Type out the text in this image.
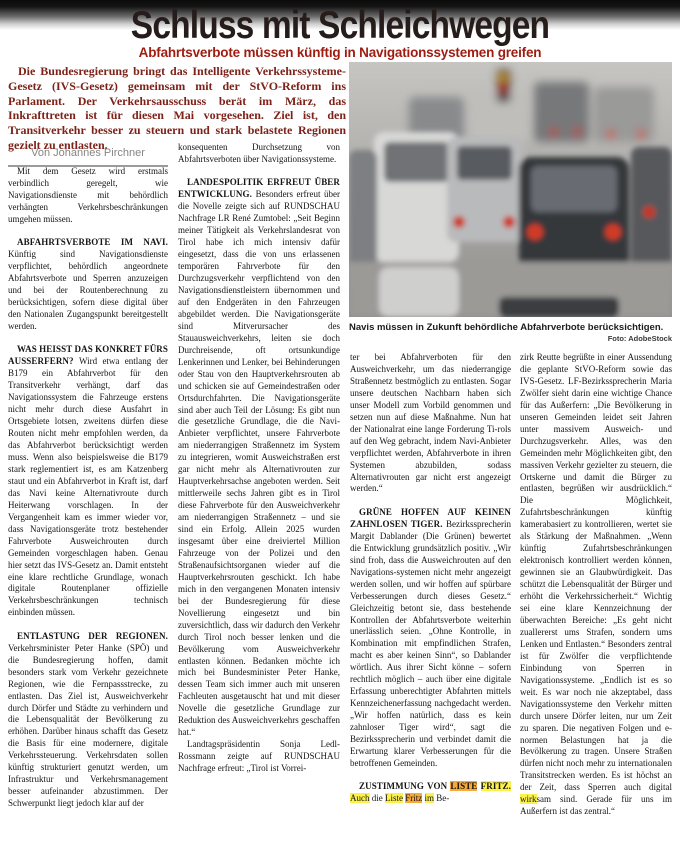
Schluss mit Schleichwegen
Abfahrtsverbote müssen künftig in Navigationssystemen greifen
Die Bundesregierung bringt das Intelligente Verkehrssysteme-Gesetz (IVS-Gesetz) gemeinsam mit der StVO-Reform ins Parlament. Der Verkehrsausschuss berät im März, das Inkrafttreten ist für diesen Mai vorgesehen. Ziel ist, den Transitverkehr besser zu steuern und stark belastete Regionen gezielt zu entlasten.
Von Johannes Pirchner
Navis müssen in Zukunft behördliche Abfahrverbote berücksichtigen.
Foto: AdobeStock

Mit dem Gesetz wird erstmals verbindlich geregelt, wie Navigationsdienste mit behördlich verhängten Verkehrsbeschränkungen umgehen müssen.

ABFAHRTSVERBOTE IM NAVI. Künftig sind Navigationsdienste verpflichtet, behördlich angeordnete Abfahrtsverbote und Sperren anzuzeigen und bei der Routenberechnung zu berücksichtigen, sofern diese digital über den Nationalen Zugangspunkt bereitgestellt werden.

WAS HEISST DAS KONKRET FÜRS AUSSERFERN? Wird etwa entlang der B179 ein Abfahrverbot für den Transitverkehr verhängt, darf das Navigationssystem die Fahrzeuge erstens nicht mehr durch diese Ausfahrt in Ortsgebiete lotsen, zweitens dürfen diese Routen nicht mehr empfohlen werden, da das Abfahrverbot berücksichtigt werden muss. Wenn also beispielsweise die B179 stark reglementiert ist, es am Katzenberg staut und ein Abfahrverbot in Kraft ist, darf das Navi keine Alternativroute durch Heiterwang vorschlagen. In der Vergangenheit kam es immer wieder vor, dass Navigationsgeräte trotz bestehender Fahrverbote Ausweichrouten durch Gemeinden vorgeschlagen haben. Genau hier setzt das IVS-Gesetz an. Damit entsteht eine klare rechtliche Grundlage, wonach digitale Routenplaner offizielle Verkehrsbeschränkungen technisch einbinden müssen.

ENTLASTUNG DER REGIONEN. Verkehrsminister Peter Hanke (SPÖ) und die Bundesregierung hoffen, damit besonders stark vom Verkehr gezeichnete Regionen, wie die Fernpassstrecke, zu entlasten. Das Ziel ist, Ausweichverkehr durch Dörfer und Städte zu verhindern und die Lebensqualität der Bevölkerung zu erhöhen. Darüber hinaus schafft das Gesetz die Basis für eine modernere, digitale Verkehrssteuerung. Verkehrsdaten sollen künftig strukturiert genutzt werden, um Infrastruktur und Verkehrsmanagement besser aufeinander abzustimmen. Der Schwerpunkt liegt jedoch klar auf der

konsequenten Durchsetzung von Abfahrtsverboten über Navigationssysteme.

LANDESPOLITIK ERFREUT ÜBER ENTWICKLUNG. Besonders erfreut über die Novelle zeigte sich auf RUNDSCHAU Nachfrage LR René Zumtobel: „Seit Beginn meiner Tätigkeit als Verkehrslandesrat von Tirol habe ich mich intensiv dafür eingesetzt, dass die von uns erlassenen temporären Fahrverbote für den Durchzugsverkehr verpflichtend von den Navigationsdienstleistern übernommen und auf den Endgeräten in den Fahrzeugen abgebildet werden. Die Navigationsgeräte sind Mitverursacher des Stauausweichverkehrs, leiten sie doch Durchreisende, oft ortsunkundige Lenkerinnen und Lenker, bei Behinderungen oder Stau von den Hauptverkehrsrouten ab und schicken sie auf Gemeindestraßen oder Ortsdurchfahrten. Die Navigationsgeräte sind aber auch Teil der Lösung: Es gibt nun die gesetzliche Grundlage, die die Navi-Anbieter verpflichtet, unsere Fahrverbote am niederrangigen Straßennetz im System zu integrieren, womit Ausweichstraßen erst gar nicht mehr als Alternativrouten zur Hauptverkehrsachse angeboten werden. Seit mittlerweile sechs Jahren gibt es in Tirol diese Fahrverbote für den Ausweichverkehr am niederrangigen Straßennetz – und sie sind ein Erfolg. Allein 2025 wurden insgesamt über eine dreiviertel Million Fahrzeuge von der Polizei und den Straßenaufsichtsorganen wieder auf die Hauptverkehrsrouten geschickt. Ich habe mich in den vergangenen Monaten intensiv bei der Bundesregierung für diese Novellierung eingesetzt und bin zuversichtlich, dass wir dadurch den Verkehr durch Tirol noch besser lenken und die Bevölkerung vom Ausweichverkehr entlasten können. Bedanken möchte ich mich bei Bundesminister Peter Hanke, dessen Team sich immer auch mit unseren Fachleuten ausgetauscht hat und mit dieser Novelle die gesetzliche Grundlage zur Reduktion des Ausweichverkehrs geschaffen hat.“

Landtagspräsidentin Sonja Ledl-Rossmann zeigte auf RUNDSCHAU Nachfrage erfreut: „Tirol ist Vorrei-

ter bei Abfahrverboten für den Ausweichverkehr, um das niederrangige Straßennetz bestmöglich zu entlasten. Sogar unsere deutschen Nachbarn haben sich unser Modell zum Vorbild genommen und setzen nun auf diese Maßnahme. Nun hat der Nationalrat eine lange Forderung Ti-rols auf den Weg gebracht, indem Navi-Anbieter verpflichtet werden, Abfahrverbote in ihren Systemen abzubilden, sodass Alternativrouten gar nicht erst angezeigt werden.“

GRÜNE HOFFEN AUF KEINEN ZAHNLOSEN TIGER. Bezirkssprecherin Margit Dablander (Die Grünen) bewertet die Entwicklung grundsätzlich positiv. „Wir sind froh, dass die Ausweichrouten auf den Navigations-systemen nicht mehr angezeigt werden sollen, und wir hoffen auf spürbare Verbesserungen durch dieses Gesetz.“ Gleichzeitig betont sie, dass bestehende Kontrollen der Abfahrtsverbote weiterhin unerlässlich seien. „Ohne Kontrolle, in Kombination mit empfindlichen Strafen, macht es aber keinen Sinn“, so Dablander wörtlich. Aus ihrer Sicht könne – sofern rechtlich möglich – auch über eine digitale Erfassung unberechtigter Abfahrten mittels Kennzeichenerfassung nachgedacht werden. „Wir hoffen natürlich, dass es kein zahnloser Tiger wird“, sagt die Bezirkssprecherin und verbindet damit die Erwartung klarer Verbesserungen für die betroffenen Gemeinden.

ZUSTIMMUNG VON LISTE FRITZ. Auch die Liste Fritz im Be-

zirk Reutte begrüßte in einer Aussendung die geplante StVO-Reform sowie das IVS-Gesetz. LF-Bezirkssprecherin Maria Zwölfer sieht darin eine wichtige Chance für das Außerfern: „Die Bevölkerung in unseren Gemeinden leidet seit Jahren unter massivem Ausweich- und Durchzugsverkehr. Alles, was den Gemeinden mehr Möglichkeiten gibt, den massiven Verkehr gezielter zu steuern, die Ortskerne und damit die Bürger zu entlasten, begrüßen wir ausdrücklich.“ Die Möglichkeit, Zufahrtsbeschränkungen künftig kamerabasiert zu kontrollieren, wertet sie als Stärkung der Maßnahmen. „Wenn künftig Zufahrtsbeschränkungen elektronisch kontrolliert werden können, gewinnen sie an Glaubwürdigkeit. Das schützt die Lebensqualität der Bürger und erhöht die Verkehrssicherheit.“ Wichtig sei eine klare Kennzeichnung der überwachten Bereiche: „Es geht nicht zuallererst ums Strafen, sondern ums Lenken und Entlasten.“ Besonders zentral ist für Zwölfer die verpflichtende Einbindung von Sperren in Navigationssysteme. „Endlich ist es so weit. Es war noch nie akzeptabel, dass Navigationssysteme den Verkehr mitten durch unsere Dörfer leiten, nur um Zeit zu sparen. Die negativen Folgen und e-normen Belastungen hat ja die Bevölkerung zu tragen. Unsere Straßen dürfen nicht noch mehr zu internationalen Transitstrecken werden. Es ist höchst an der Zeit, dass Sperren auch digital wirksam sind. Gerade für uns im Außerfern ist das zentral.“
